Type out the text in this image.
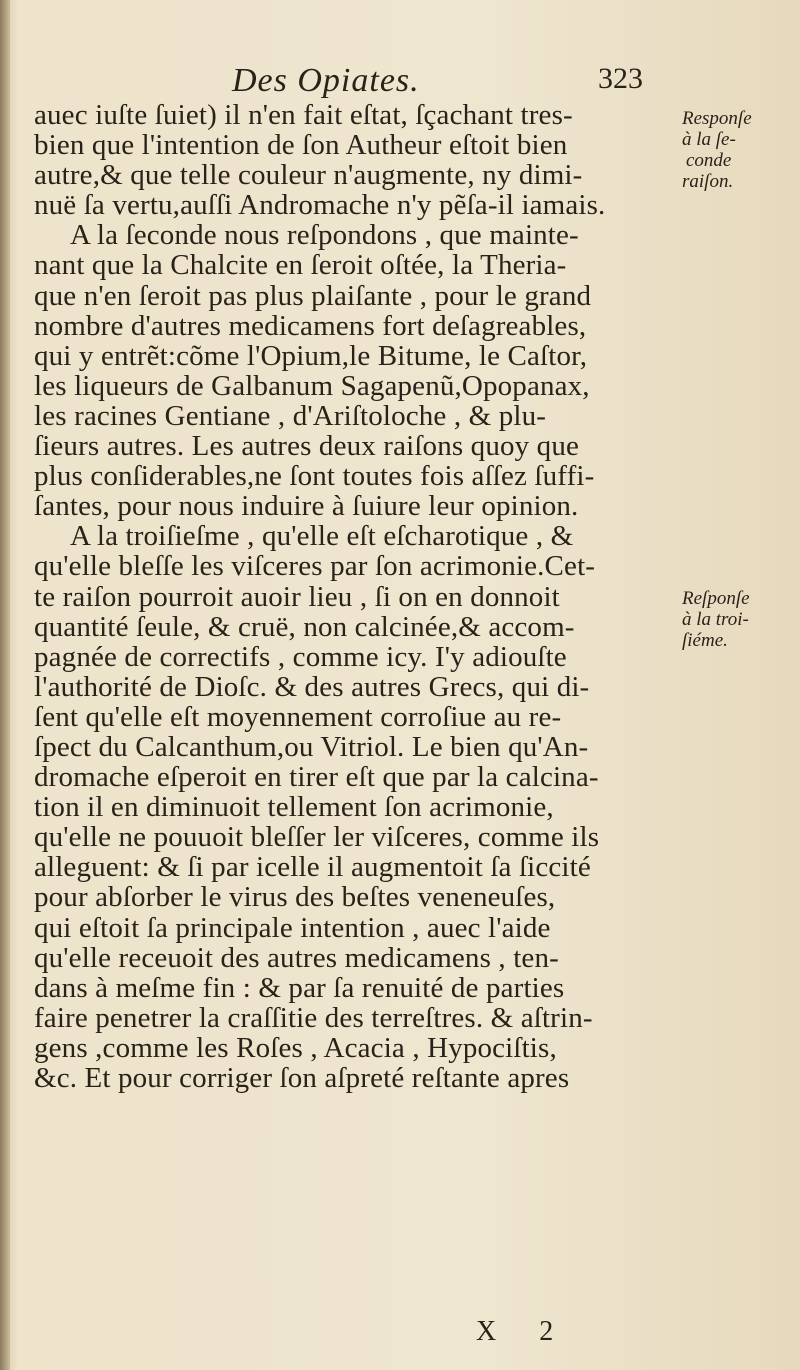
Des Opiates.	323
auec iuſte ſuiet) il n'en fait eſtat, ſçachant tres-
bien que l'intention de ſon Autheur eſtoit bien
autre,& que telle couleur n'augmente, ny dimi-
nuë ſa vertu,auſſi Andromache n'y pẽſa-il iamais.
A la ſeconde nous reſpondons , que mainte-
nant que la Chalcite en ſeroit oſtée, la Theria-
que n'en ſeroit pas plus plaiſante , pour le grand
nombre d'autres medicamens fort deſagreables,
qui y entrẽt:cõme l'Opium,le Bitume, le Caſtor,
les liqueurs de Galbanum Sagapenũ,Opopanax,
les racines Gentiane , d'Ariſtoloche , & plu-
ſieurs autres. Les autres deux raiſons quoy que
plus conſiderables,ne ſont toutes fois aſſez ſuffi-
ſantes, pour nous induire à ſuiure leur opinion.
A la troiſieſme , qu'elle eſt eſcharotique , &
qu'elle bleſſe les viſceres par ſon acrimonie.Cet-
te raiſon pourroit auoir lieu , ſi on en donnoit
quantité ſeule, & cruë, non calcinée,& accom-
pagnée de correctifs , comme icy. I'y adiouſte
l'authorité de Dioſc. & des autres Grecs, qui di-
ſent qu'elle eſt moyennement corroſiue au re-
ſpect du Calcanthum,ou Vitriol. Le bien qu'An-
dromache eſperoit en tirer eſt que par la calcina-
tion il en diminuoit tellement ſon acrimonie,
qu'elle ne pouuoit bleſſer ler viſceres, comme ils
alleguent: & ſi par icelle il augmentoit ſa ſiccité
pour abſorber le virus des beſtes veneneuſes,
qui eſtoit ſa principale intention , auec l'aide
qu'elle receuoit des autres medicamens , ten-
dans à meſme fin : & par ſa renuité de parties
faire penetrer la craſſitie des terreſtres. & aſtrin-
gens ,comme les Roſes , Acacia , Hypociſtis,
&c. Et pour corriger ſon aſpreté reſtante apres
Responſe
à la ſe-
conde
raiſon.
Reſponſe
à la troi-
ſiéme.
X 2
